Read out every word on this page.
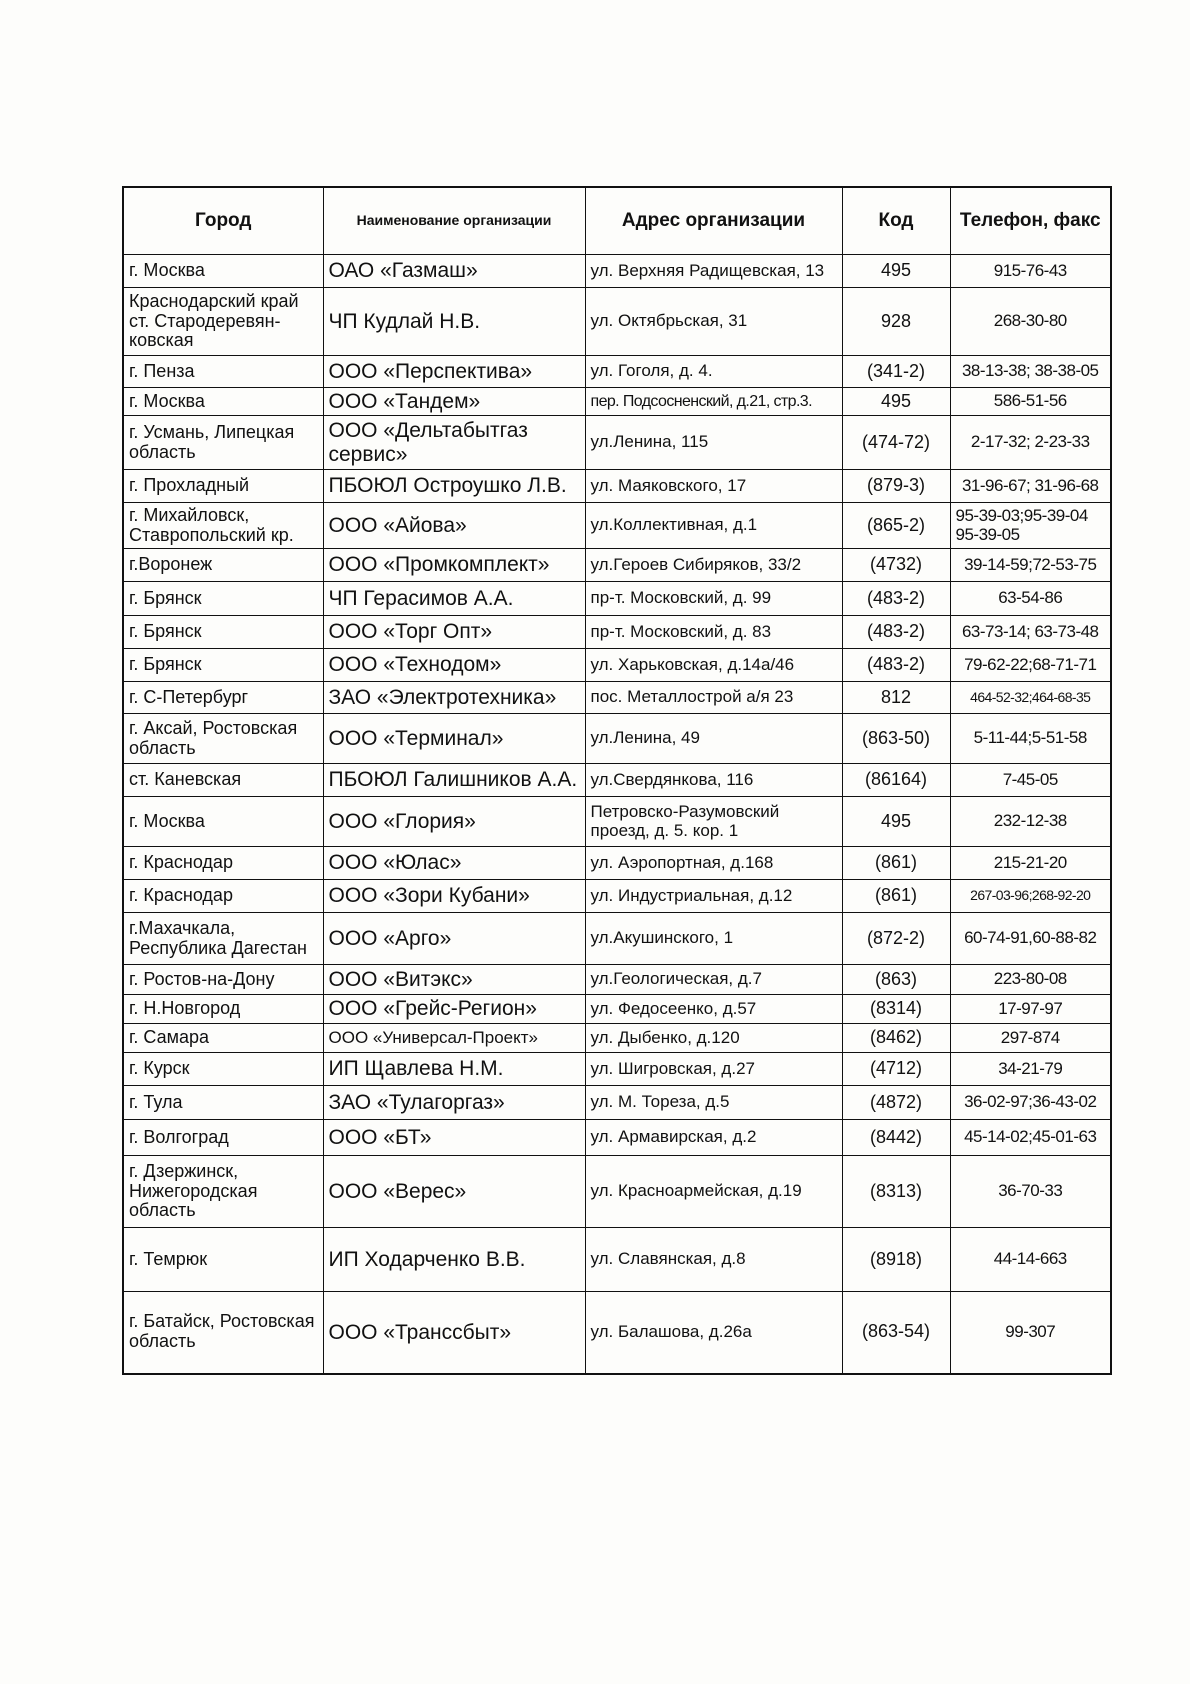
Город	Наименование организации	Адрес организации	Код	Телефон, факс
г. Москва	ОАО «Газмаш»	ул. Верхняя Радищевская, 13	495	915-76-43
Краснодарский край ст. Стародеревян-ковская	ЧП Кудлай Н.В.	ул. Октябрьская, 31	928	268-30-80
г. Пенза	ООО «Перспектива»	ул. Гоголя, д. 4.	(341-2)	38-13-38; 38-38-05
г. Москва	ООО «Тандем»	пер. Подсосненский, д.21, стр.3.	495	586-51-56
г. Усмань, Липецкая область	ООО «Дельтабытгаз сервис»	ул.Ленина, 115	(474-72)	2-17-32; 2-23-33
г. Прохладный	ПБОЮЛ Остроушко Л.В.	ул. Маяковского, 17	(879-3)	31-96-67; 31-96-68
г. Михайловск, Ставропольский кр.	ООО «Айова»	ул.Коллективная, д.1	(865-2)	95-39-03;95-39-04 95-39-05
г.Воронеж	ООО «Промкомплект»	ул.Героев Сибиряков, 33/2	(4732)	39-14-59;72-53-75
г. Брянск	ЧП Герасимов А.А.	пр-т. Московский, д. 99	(483-2)	63-54-86
г. Брянск	ООО «Торг Опт»	пр-т. Московский, д. 83	(483-2)	63-73-14; 63-73-48
г. Брянск	ООО «Технодом»	ул. Харьковская, д.14а/46	(483-2)	79-62-22;68-71-71
г. С-Петербург	ЗАО «Электротехника»	пос. Металлострой а/я 23	812	464-52-32;464-68-35
г. Аксай, Ростовская область	ООО «Терминал»	ул.Ленина, 49	(863-50)	5-11-44;5-51-58
ст. Каневская	ПБОЮЛ Галишников А.А.	ул.Свердянкова, 116	(86164)	7-45-05
г. Москва	ООО «Глория»	Петровско-Разумовский проезд, д. 5. кор. 1	495	232-12-38
г. Краснодар	ООО «Юлас»	ул. Аэропортная, д.168	(861)	215-21-20
г. Краснодар	ООО «Зори Кубани»	ул. Индустриальная, д.12	(861)	267-03-96;268-92-20
г.Махачкала, Республика Дагестан	ООО «Арго»	ул.Акушинского, 1	(872-2)	60-74-91,60-88-82
г. Ростов-на-Дону	ООО «Витэкс»	ул.Геологическая, д.7	(863)	223-80-08
г. Н.Новгород	ООО «Грейс-Регион»	ул. Федосеенко, д.57	(8314)	17-97-97
г. Самара	ООО «Универсал-Проект»	ул. Дыбенко, д.120	(8462)	297-874
г. Курск	ИП Щавлева Н.М.	ул. Шигровская, д.27	(4712)	34-21-79
г. Тула	ЗАО «Тулагоргаз»	ул. М. Тореза, д.5	(4872)	36-02-97;36-43-02
г. Волгоград	ООО «БТ»	ул. Армавирская, д.2	(8442)	45-14-02;45-01-63
г. Дзержинск, Нижегородская область	ООО «Верес»	ул. Красноармейская, д.19	(8313)	36-70-33
г. Темрюк	ИП Ходарченко В.В.	ул. Славянская, д.8	(8918)	44-14-663
г. Батайск, Ростовская область	ООО «Транссбыт»	ул. Балашова, д.26а	(863-54)	99-307
